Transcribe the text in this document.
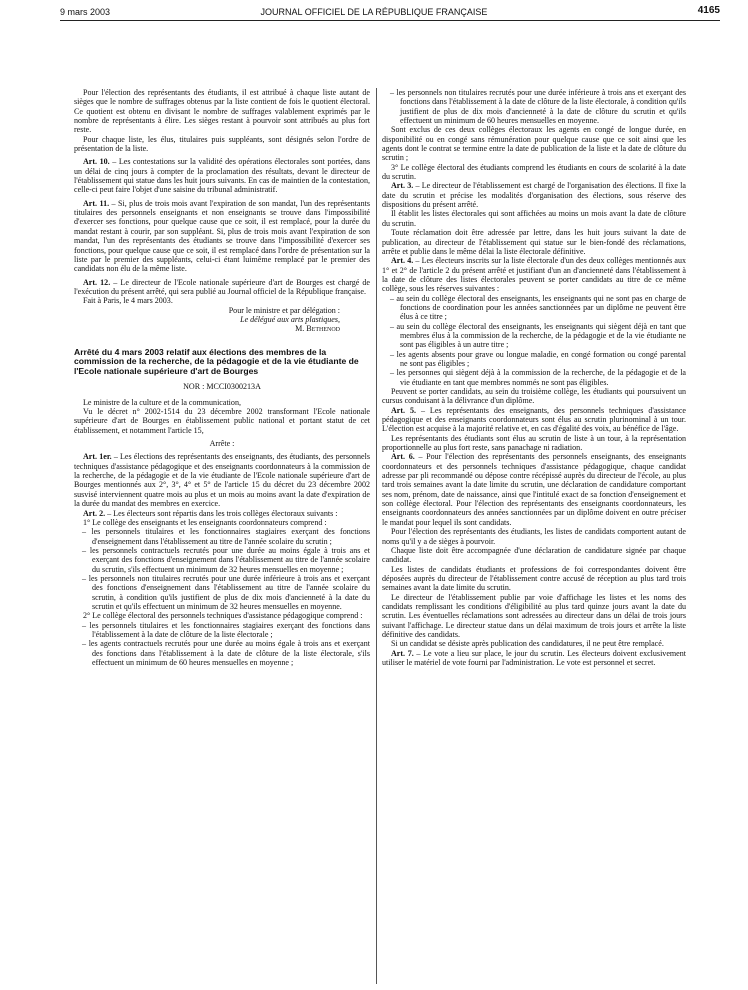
9 mars 2003	JOURNAL OFFICIEL DE LA RÉPUBLIQUE FRANÇAISE	4165

Pour l'élection des représentants des étudiants, il est attribué à chaque liste autant de sièges que le nombre de suffrages obtenus par la liste contient de fois le quotient électoral. Ce quotient est obtenu en divisant le nombre de suffrages valablement exprimés par le nombre de représentants à élire. Les sièges restant à pourvoir sont attribués au plus fort reste.

Pour chaque liste, les élus, titulaires puis suppléants, sont désignés selon l'ordre de présentation de la liste.

Art. 10. – Les contestations sur la validité des opérations électorales sont portées, dans un délai de cinq jours à compter de la proclamation des résultats, devant le directeur de l'établissement qui statue dans les huit jours suivants. En cas de maintien de la contestation, celle-ci peut faire l'objet d'une saisine du tribunal administratif.

Art. 11. – Si, plus de trois mois avant l'expiration de son mandat, l'un des représentants titulaires des personnels enseignants et non enseignants se trouve dans l'impossibilité d'exercer ses fonctions, pour quelque cause que ce soit, il est remplacé, pour la durée du mandat restant à courir, par son suppléant. Si, plus de trois mois avant l'expiration de son mandat, l'un des représentants des étudiants se trouve dans l'impossibilité d'exercer ses fonctions, pour quelque cause que ce soit, il est remplacé dans l'ordre de présentation sur la liste par le premier des suppléants, celui-ci étant luimême remplacé par le premier des candidats non élu de la même liste.

Art. 12. – Le directeur de l'Ecole nationale supérieure d'art de Bourges est chargé de l'exécution du présent arrêté, qui sera publié au Journal officiel de la République française.

Fait à Paris, le 4 mars 2003.

Pour le ministre et par délégation :

Le délégué aux arts plastiques,

M. Bethenod

Arrêté du 4 mars 2003 relatif aux élections des membres de la commission de la recherche, de la pédagogie et de la vie étudiante de l'Ecole nationale supérieure d'art de Bourges

NOR : MCCI0300213A

Le ministre de la culture et de la communication,

Vu le décret n° 2002-1514 du 23 décembre 2002 transformant l'Ecole nationale supérieure d'art de Bourges en établissement public national et portant statut de cet établissement, et notamment l'article 15,

Arrête :

Art. 1er. – Les élections des représentants des enseignants, des étudiants, des personnels techniques d'assistance pédagogique et des enseignants coordonnateurs à la commission de la recherche, de la pédagogie et de la vie étudiante de l'Ecole nationale supérieure d'art de Bourges mentionnés aux 2°, 3°, 4° et 5° de l'article 15 du décret du 23 décembre 2002 susvisé interviennent quatre mois au plus et un mois au moins avant la date d'expiration de la durée du mandat des membres en exercice.

Art. 2. – Les électeurs sont répartis dans les trois collèges électoraux suivants :

1° Le collège des enseignants et les enseignants coordonnateurs comprend :

– les personnels titulaires et les fonctionnaires stagiaires exerçant des fonctions d'enseignement dans l'établissement au titre de l'année scolaire du scrutin ;
– les personnels contractuels recrutés pour une durée au moins égale à trois ans et exerçant des fonctions d'enseignement dans l'établissement au titre de l'année scolaire du scrutin, s'ils effectuent un minimum de 32 heures mensuelles en moyenne ;
– les personnels non titulaires recrutés pour une durée inférieure à trois ans et exerçant des fonctions d'enseignement dans l'établissement au titre de l'année scolaire du scrutin, à condition qu'ils justifient de plus de dix mois d'ancienneté à la date du scrutin et qu'ils effectuent un minimum de 32 heures mensuelles en moyenne.

2° Le collège électoral des personnels techniques d'assistance pédagogique comprend :

– les personnels titulaires et les fonctionnaires stagiaires exerçant des fonctions dans l'établissement à la date de clôture de la liste électorale ;
– les agents contractuels recrutés pour une durée au moins égale à trois ans et exerçant des fonctions dans l'établissement à la date de clôture de la liste électorale, s'ils effectuent un minimum de 60 heures mensuelles en moyenne ;
– les personnels non titulaires recrutés pour une durée inférieure à trois ans et exerçant des fonctions dans l'établissement à la date de clôture de la liste électorale, à condition qu'ils justifient de plus de dix mois d'ancienneté à la date de clôture du scrutin et qu'ils effectuent un minimum de 60 heures mensuelles en moyenne.

Sont exclus de ces deux collèges électoraux les agents en congé de longue durée, en disponibilité ou en congé sans rémunération pour quelque cause que ce soit ainsi que les agents dont le contrat se termine entre la date de publication de la liste et la date de clôture du scrutin ;

3° Le collège électoral des étudiants comprend les étudiants en cours de scolarité à la date du scrutin.

Art. 3. – Le directeur de l'établissement est chargé de l'organisation des élections. Il fixe la date du scrutin et précise les modalités d'organisation des élections, sous réserve des dispositions du présent arrêté.

Il établit les listes électorales qui sont affichées au moins un mois avant la date de clôture du scrutin.

Toute réclamation doit être adressée par lettre, dans les huit jours suivant la date de publication, au directeur de l'établissement qui statue sur le bien-fondé des réclamations, arrête et publie dans le même délai la liste électorale définitive.

Art. 4. – Les électeurs inscrits sur la liste électorale d'un des deux collèges mentionnés aux 1° et 2° de l'article 2 du présent arrêté et justifiant d'un an d'ancienneté dans l'établissement à la date de clôture des listes électorales peuvent se porter candidats au titre de ce même collège, sous les réserves suivantes :

– au sein du collège électoral des enseignants, les enseignants qui ne sont pas en charge de fonctions de coordination pour les années sanctionnées par un diplôme ne peuvent être élus à ce titre ;
– au sein du collège électoral des enseignants, les enseignants qui siègent déjà en tant que membres élus à la commission de la recherche, de la pédagogie et de la vie étudiante ne sont pas éligibles à un autre titre ;
– les agents absents pour grave ou longue maladie, en congé formation ou congé parental ne sont pas éligibles ;
– les personnes qui siègent déjà à la commission de la recherche, de la pédagogie et de la vie étudiante en tant que membres nommés ne sont pas éligibles.

Peuvent se porter candidats, au sein du troisième collège, les étudiants qui poursuivent un cursus conduisant à la délivrance d'un diplôme.

Art. 5. – Les représentants des enseignants, des personnels techniques d'assistance pédagogique et des enseignants coordonnateurs sont élus au scrutin plurinominal à un tour. L'élection est acquise à la majorité relative et, en cas d'égalité des voix, au bénéfice de l'âge.

Les représentants des étudiants sont élus au scrutin de liste à un tour, à la représentation proportionnelle au plus fort reste, sans panachage ni radiation.

Art. 6. – Pour l'élection des représentants des personnels enseignants, des enseignants coordonnateurs et des personnels techniques d'assistance pédagogique, chaque candidat adresse par pli recommandé ou dépose contre récépissé auprès du directeur de l'école, au plus tard trois semaines avant la date limite du scrutin, une déclaration de candidature comportant ses nom, prénom, date de naissance, ainsi que l'intitulé exact de sa fonction d'enseignement et son collège électoral. Pour l'élection des représentants des enseignants coordonnateurs, les enseignants coordonnateurs des années sanctionnées par un diplôme doivent en outre préciser le mandat pour lequel ils sont candidats.

Pour l'élection des représentants des étudiants, les listes de candidats comportent autant de noms qu'il y a de sièges à pourvoir.

Chaque liste doit être accompagnée d'une déclaration de candidature signée par chaque candidat.

Les listes de candidats étudiants et professions de foi correspondantes doivent être déposées auprès du directeur de l'établissement contre accusé de réception au plus tard trois semaines avant la date limite du scrutin.

Le directeur de l'établissement publie par voie d'affichage les listes et les noms des candidats remplissant les conditions d'éligibilité au plus tard quinze jours avant la date du scrutin. Les éventuelles réclamations sont adressées au directeur dans un délai de trois jours suivant l'affichage. Le directeur statue dans un délai maximum de trois jours et arrête la liste définitive des candidats.

Si un candidat se désiste après publication des candidatures, il ne peut être remplacé.

Art. 7. – Le vote a lieu sur place, le jour du scrutin. Les électeurs doivent exclusivement utiliser le matériel de vote fourni par l'administration. Le vote est personnel et secret.
